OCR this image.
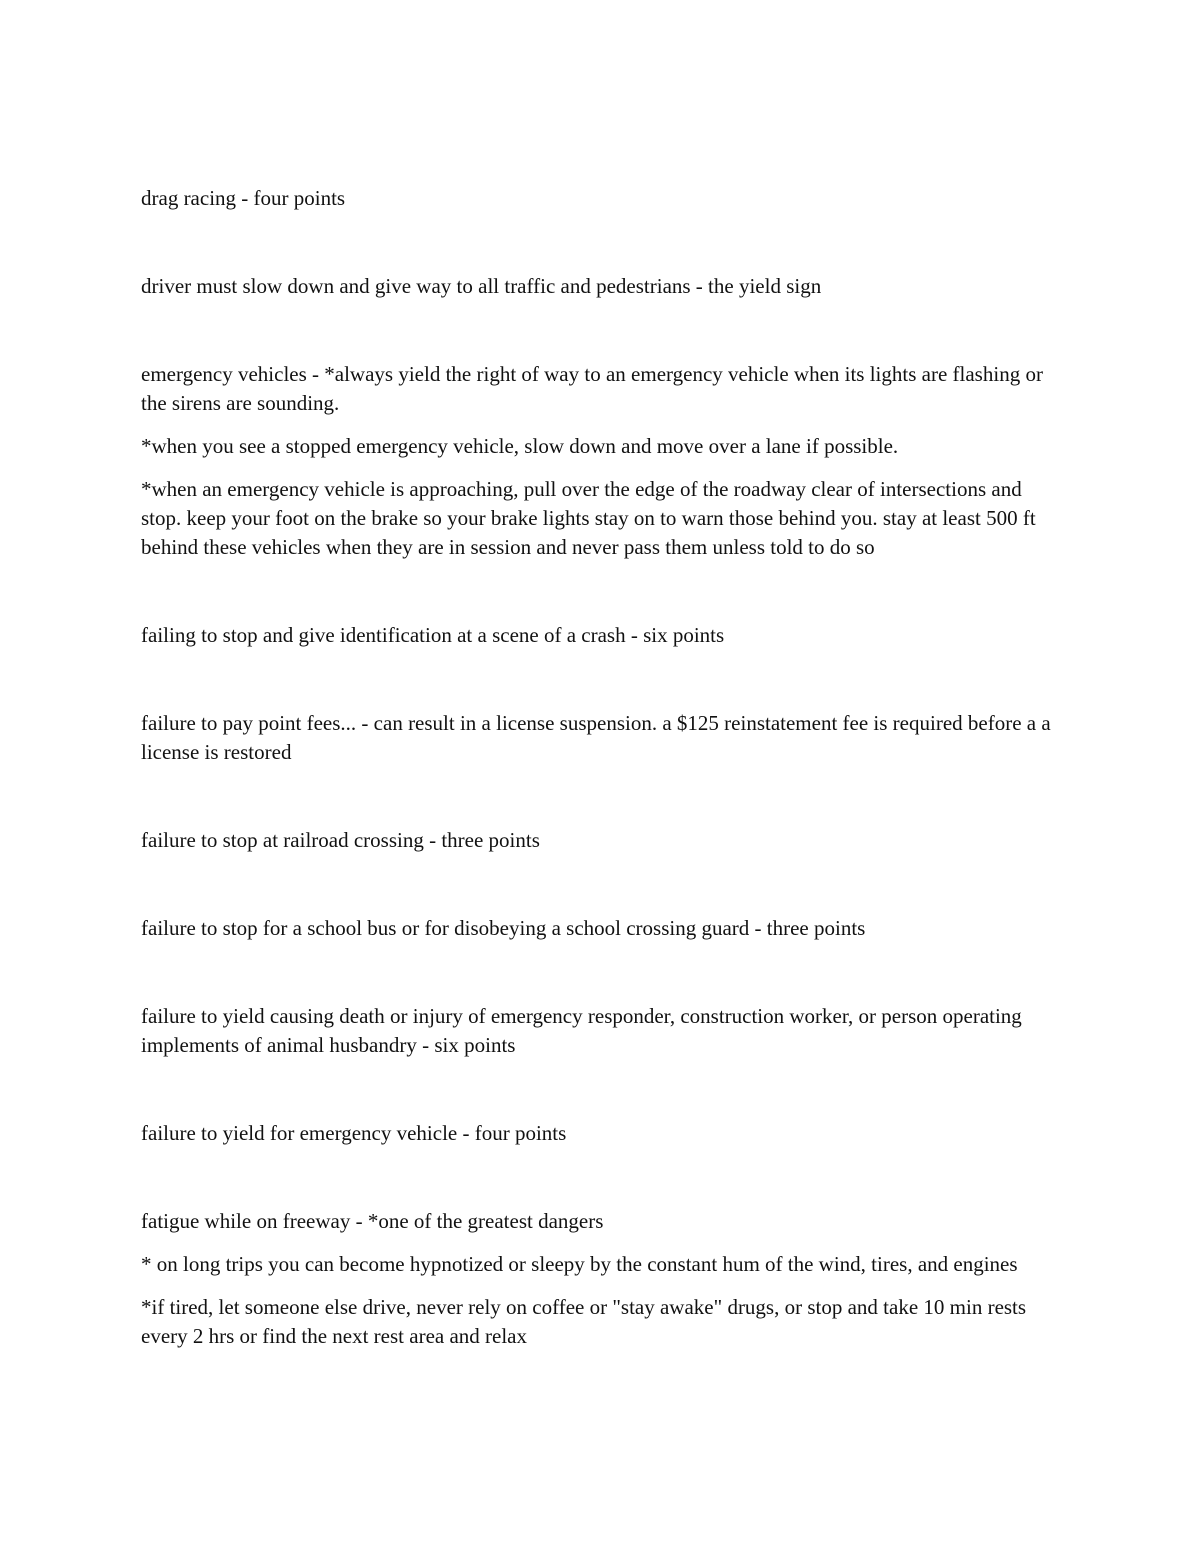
drag racing - four points

driver must slow down and give way to all traffic and pedestrians - the yield sign

emergency vehicles - *always yield the right of way to an emergency vehicle when its lights are flashing or the sirens are sounding.

*when you see a stopped emergency vehicle, slow down and move over a lane if possible.

*when an emergency vehicle is approaching, pull over the edge of the roadway clear of intersections and stop. keep your foot on the brake so your brake lights stay on to warn those behind you. stay at least 500 ft behind these vehicles when they are in session and never pass them unless told to do so

failing to stop and give identification at a scene of a crash - six points

failure to pay point fees... - can result in a license suspension. a $125 reinstatement fee is required before a a license is restored

failure to stop at railroad crossing - three points

failure to stop for a school bus or for disobeying a school crossing guard - three points

failure to yield causing death or injury of emergency responder, construction worker, or person operating implements of animal husbandry - six points

failure to yield for emergency vehicle - four points

fatigue while on freeway - *one of the greatest dangers

* on long trips you can become hypnotized or sleepy by the constant hum of the wind, tires, and engines

*if tired, let someone else drive, never rely on coffee or "stay awake" drugs, or stop and take 10 min rests every 2 hrs or find the next rest area and relax
